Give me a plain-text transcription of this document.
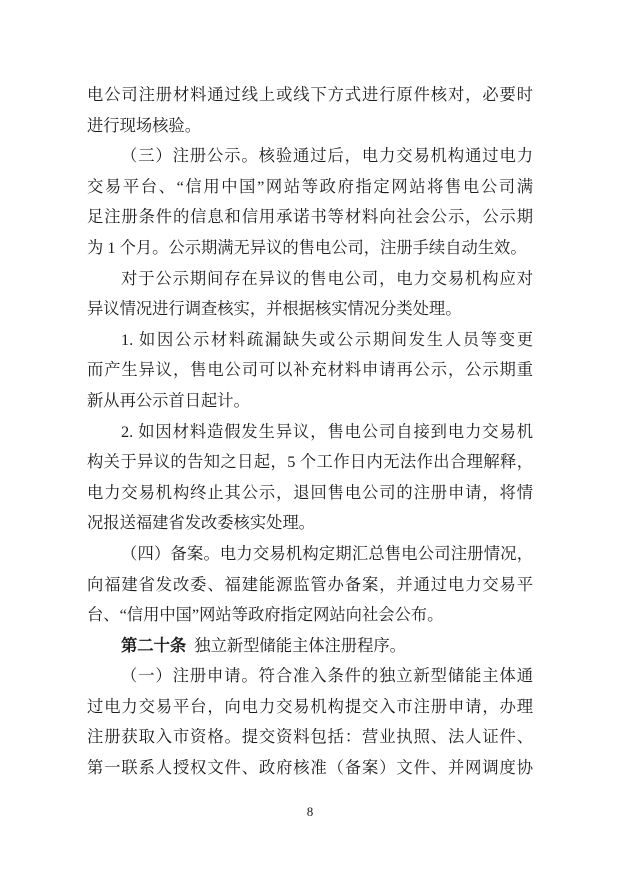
电公司注册材料通过线上或线下方式进行原件核对，必要时
进行现场核验。
（三）注册公示。核验通过后，电力交易机构通过电力
交易平台、“信用中国”网站等政府指定网站将售电公司满
足注册条件的信息和信用承诺书等材料向社会公示，公示期
为 1 个月。公示期满无异议的售电公司，注册手续自动生效。
对于公示期间存在异议的售电公司，电力交易机构应对
异议情况进行调查核实，并根据核实情况分类处理。
1. 如因公示材料疏漏缺失或公示期间发生人员等变更
而产生异议，售电公司可以补充材料申请再公示，公示期重
新从再公示首日起计。
2. 如因材料造假发生异议，售电公司自接到电力交易机
构关于异议的告知之日起，5 个工作日内无法作出合理解释，
电力交易机构终止其公示，退回售电公司的注册申请，将情
况报送福建省发改委核实处理。
（四）备案。电力交易机构定期汇总售电公司注册情况，
向福建省发改委、福建能源监管办备案，并通过电力交易平
台、“信用中国”网站等政府指定网站向社会公布。
第二十条 独立新型储能主体注册程序。
（一）注册申请。符合准入条件的独立新型储能主体通
过电力交易平台，向电力交易机构提交入市注册申请，办理
注册获取入市资格。提交资料包括：营业执照、法人证件、
第一联系人授权文件、政府核准（备案）文件、并网调度协
8
